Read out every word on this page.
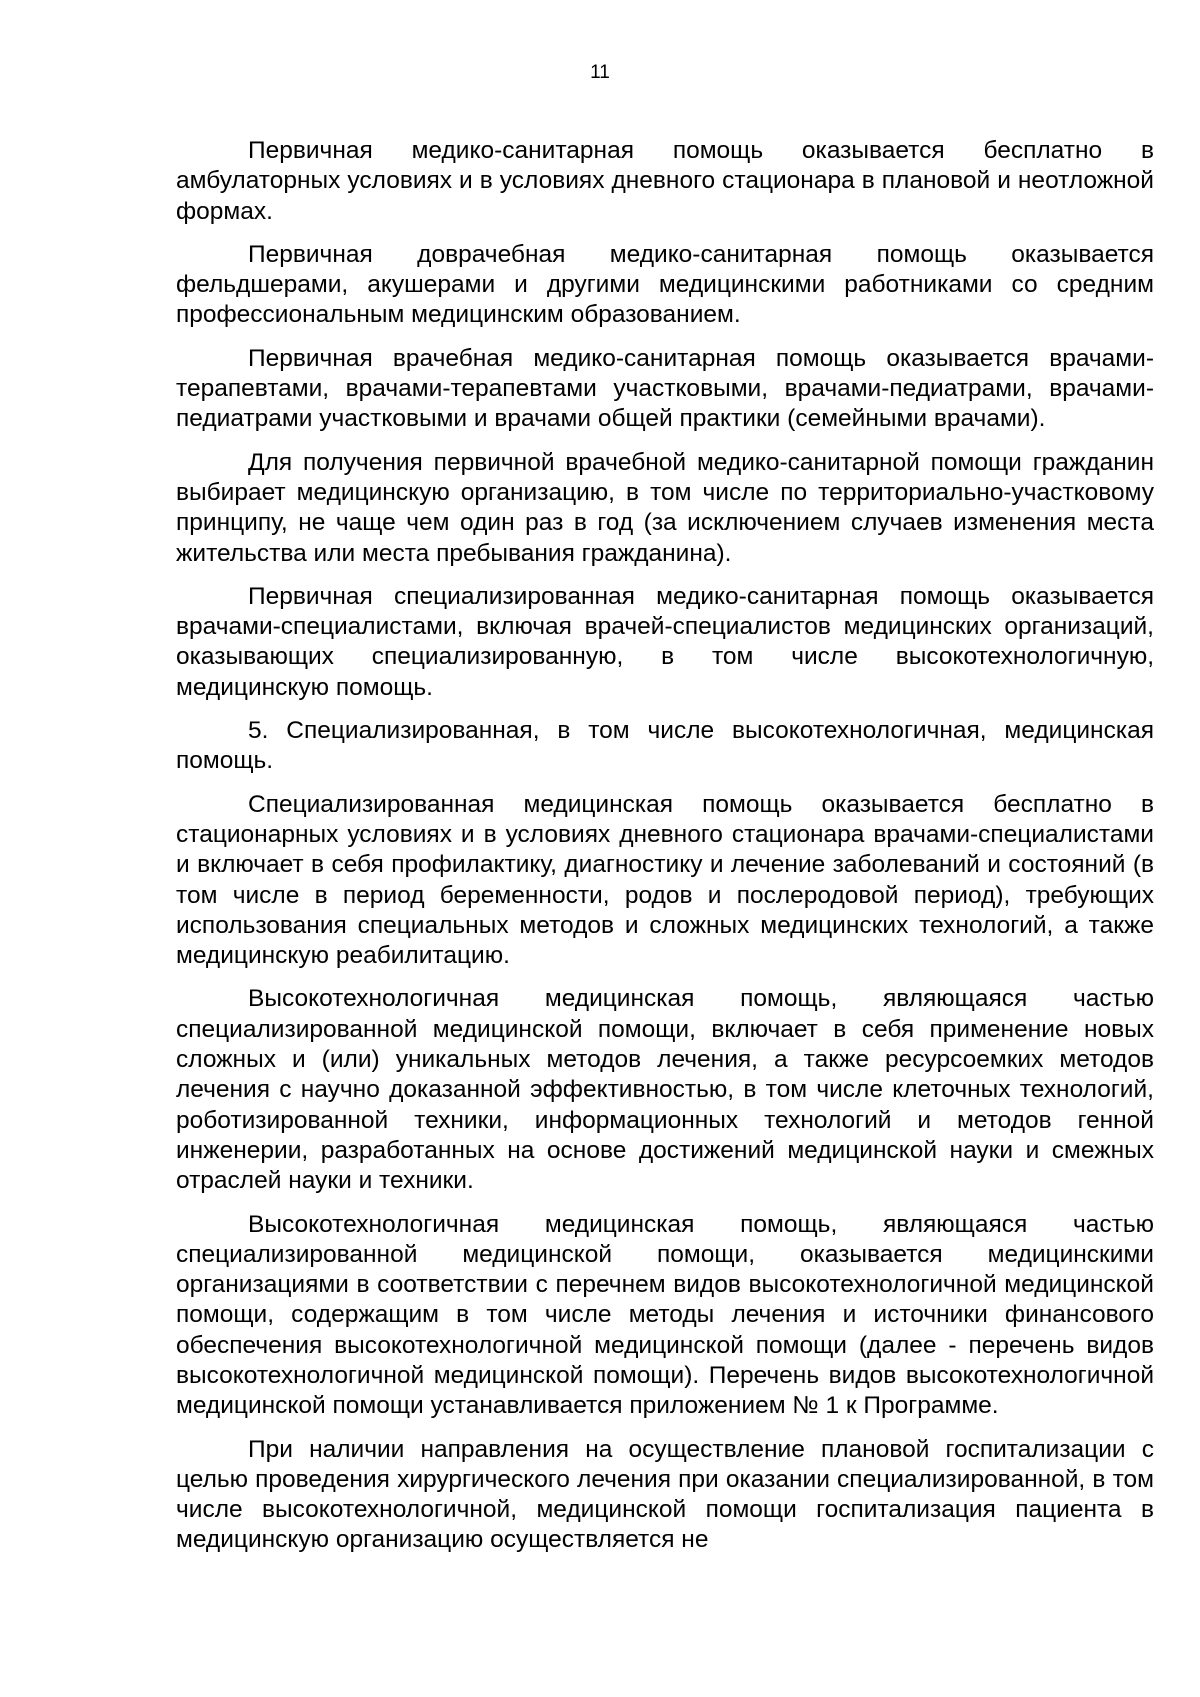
11

Первичная медико-санитарная помощь оказывается бесплатно в амбулаторных условиях и в условиях дневного стационара в плановой и неотложной формах.

Первичная доврачебная медико-санитарная помощь оказывается фельдшерами, акушерами и другими медицинскими работниками со средним профессиональным медицинским образованием.

Первичная врачебная медико-санитарная помощь оказывается врачами-терапевтами, врачами-терапевтами участковыми, врачами-педиатрами, врачами-педиатрами участковыми и врачами общей практики (семейными врачами).

Для получения первичной врачебной медико-санитарной помощи гражданин выбирает медицинскую организацию, в том числе по территориально-участковому принципу, не чаще чем один раз в год (за исключением случаев изменения места жительства или места пребывания гражданина).

Первичная специализированная медико-санитарная помощь оказывается врачами-специалистами, включая врачей-специалистов медицинских организаций, оказывающих специализированную, в том числе высокотехнологичную, медицинскую помощь.

5. Специализированная, в том числе высокотехнологичная, медицинская помощь.

Специализированная медицинская помощь оказывается бесплатно в стационарных условиях и в условиях дневного стационара врачами-специалистами и включает в себя профилактику, диагностику и лечение заболеваний и состояний (в том числе в период беременности, родов и послеродовой период), требующих использования специальных методов и сложных медицинских технологий, а также медицинскую реабилитацию.

Высокотехнологичная медицинская помощь, являющаяся частью специализированной медицинской помощи, включает в себя применение новых сложных и (или) уникальных методов лечения, а также ресурсоемких методов лечения с научно доказанной эффективностью, в том числе клеточных технологий, роботизированной техники, информационных технологий и методов генной инженерии, разработанных на основе достижений медицинской науки и смежных отраслей науки и техники.

Высокотехнологичная медицинская помощь, являющаяся частью специализированной медицинской помощи, оказывается медицинскими организациями в соответствии с перечнем видов высокотехнологичной медицинской помощи, содержащим в том числе методы лечения и источники финансового обеспечения высокотехнологичной медицинской помощи (далее - перечень видов высокотехнологичной медицинской помощи). Перечень видов высокотехнологичной медицинской помощи устанавливается приложением № 1 к Программе.

При наличии направления на осуществление плановой госпитализации с целью проведения хирургического лечения при оказании специализированной, в том числе высокотехнологичной, медицинской помощи госпитализация пациента в медицинскую организацию осуществляется не
